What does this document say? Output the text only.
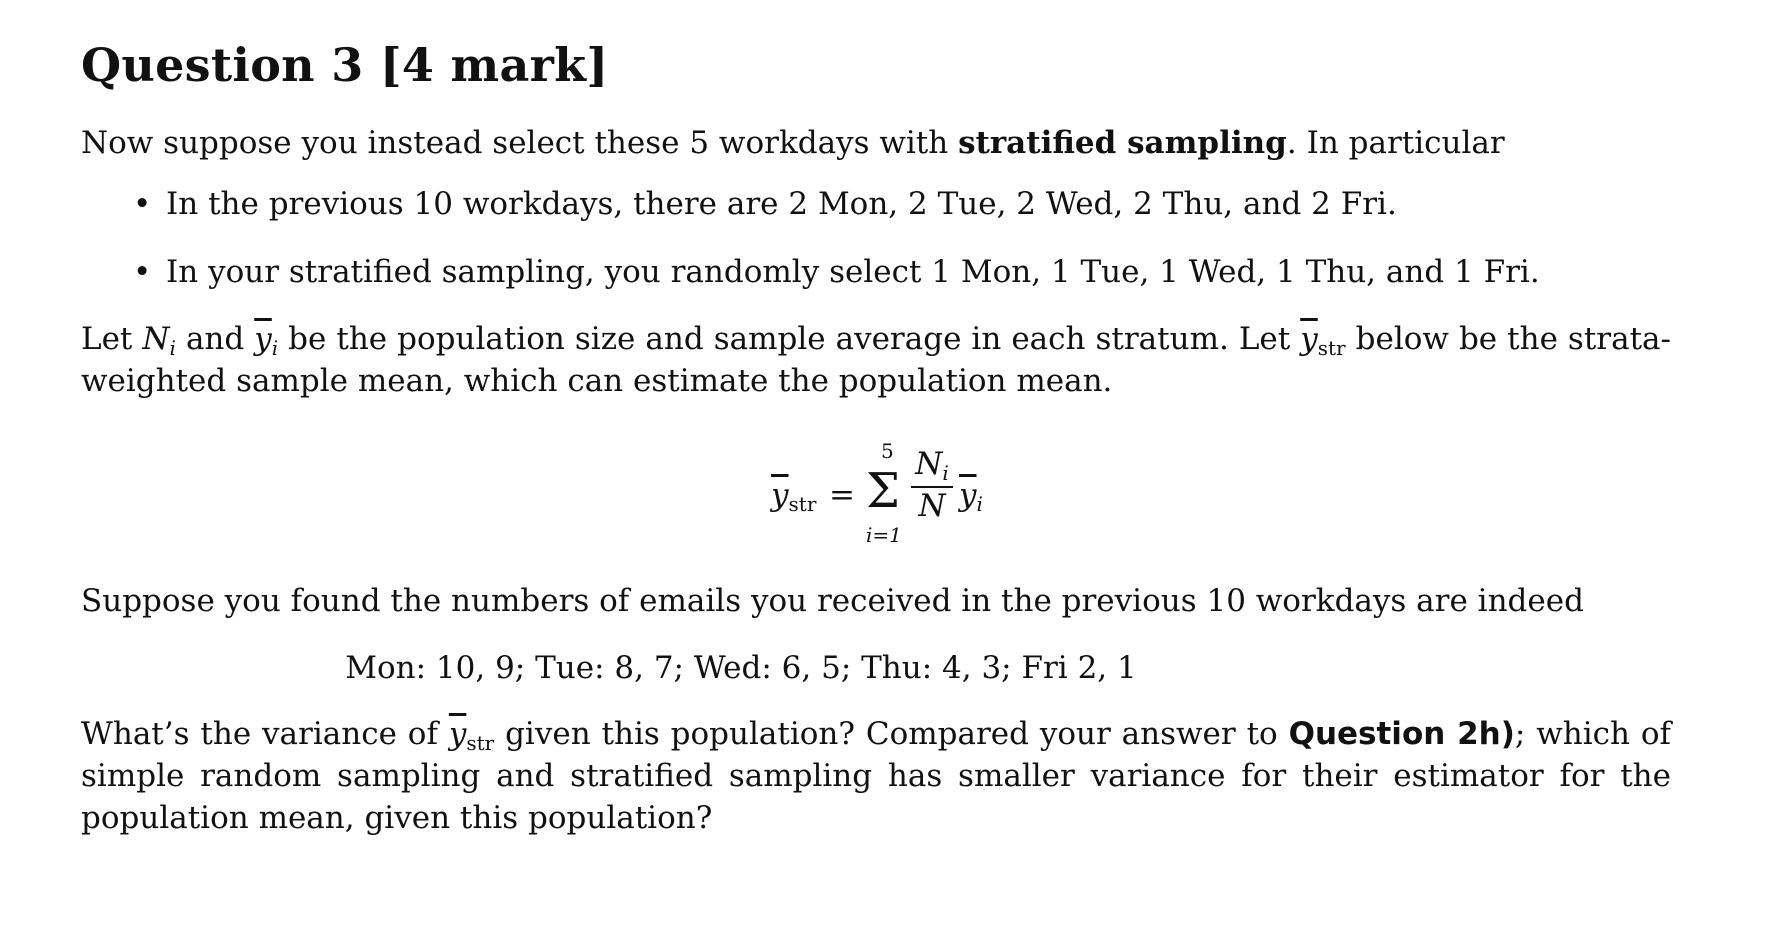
Question 3 [4 mark]

Now suppose you instead select these 5 workdays with stratified sampling. In particular

• In the previous 10 workdays, there are 2 Mon, 2 Tue, 2 Wed, 2 Thu, and 2 Fri.
• In your stratified sampling, you randomly select 1 Mon, 1 Tue, 1 Wed, 1 Thu, and 1 Fri.

Let Ni and $\overline{y}i$ be the population size and sample average in each stratum. Let $\overline{y}_{str}$ below be the strata-weighted sample mean, which can estimate the population mean.

$\overline{y}_{str}$ =
5
Σ
i=1
$\frac{Ni}{N} \overline{y}i$

Suppose you found the numbers of emails you received in the previous 10 workdays are indeed

Mon: 10, 9; Tue: 8, 7; Wed: 6, 5; Thu: 4, 3; Fri 2, 1

What’s the variance of $\overline{y}_{str}$ given this population? Compared your answer to Question 2h); which of simple random sampling and stratified sampling has smaller variance for their estimator for the population mean, given this population?
